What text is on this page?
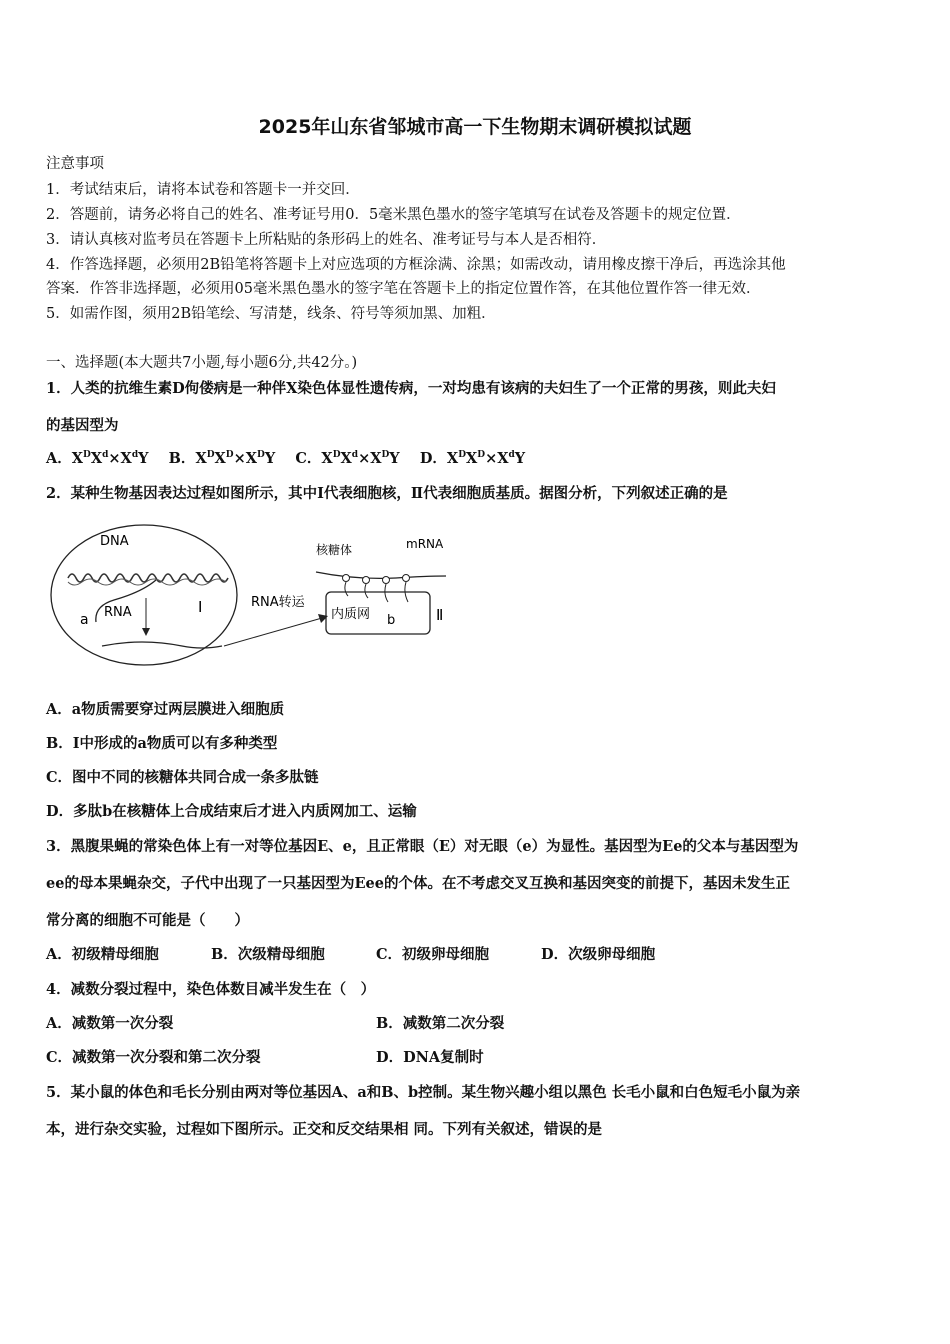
2025年山东省邹城市高一下生物期末调研模拟试题
注意事项
1．考试结束后，请将本试卷和答题卡一并交回．
2．答题前，请务必将自己的姓名、准考证号用0．5毫米黑色墨水的签字笔填写在试卷及答题卡的规定位置．
3．请认真核对监考员在答题卡上所粘贴的条形码上的姓名、准考证号与本人是否相符．
4．作答选择题，必须用2B铅笔将答题卡上对应选项的方框涂满、涂黑；如需改动，请用橡皮擦干净后，再选涂其他
答案．作答非选择题，必须用05毫米黑色墨水的签字笔在答题卡上的指定位置作答，在其他位置作答一律无效．
5．如需作图，须用2B铅笔绘、写清楚，线条、符号等须加黑、加粗．
一、选择题(本大题共7小题,每小题6分,共42分。)
1．人类的抗维生素D佝偻病是一种伴X染色体显性遗传病，一对均患有该病的夫妇生了一个正常的男孩，则此夫妇
的基因型为
A．$X^DX^d\times X^dY$ B．$X^DX^D\times X^DY$ C．$X^DX^d\times X^DY$ D．$X^DX^D\times X^dY$
2．某种生物基因表达过程如图所示，其中Ⅰ代表细胞核，Ⅱ代表细胞质基质。据图分析，下列叙述正确的是
DNA
RNA
a
Ⅰ	RNA转运
核糖体	mRNA
内质网 b	Ⅱ
A．a物质需要穿过两层膜进入细胞质
B．Ⅰ中形成的a物质可以有多种类型
C．图中不同的核糖体共同合成一条多肽链
D．多肽b在核糖体上合成结束后才进入内质网加工、运输
3．黑腹果蝇的常染色体上有一对等位基因E、e，且正常眼（E）对无眼（e）为显性。基因型为Ee的父本与基因型为
ee的母本果蝇杂交，子代中出现了一只基因型为Eee的个体。在不考虑交叉互换和基因突变的前提下，基因未发生正
常分离的细胞不可能是（　　）
A．初级精母细胞	B．次级精母细胞	C．初级卵母细胞	D．次级卵母细胞
4．减数分裂过程中，染色体数目减半发生在（　）
A．减数第一次分裂	B．减数第二次分裂
C．减数第一次分裂和第二次分裂	D．DNA复制时
5．某小鼠的体色和毛长分别由两对等位基因A、a和B、b控制。某生物兴趣小组以黑色 长毛小鼠和白色短毛小鼠为亲
本，进行杂交实验，过程如下图所示。正交和反交结果相 同。下列有关叙述，错误的是
